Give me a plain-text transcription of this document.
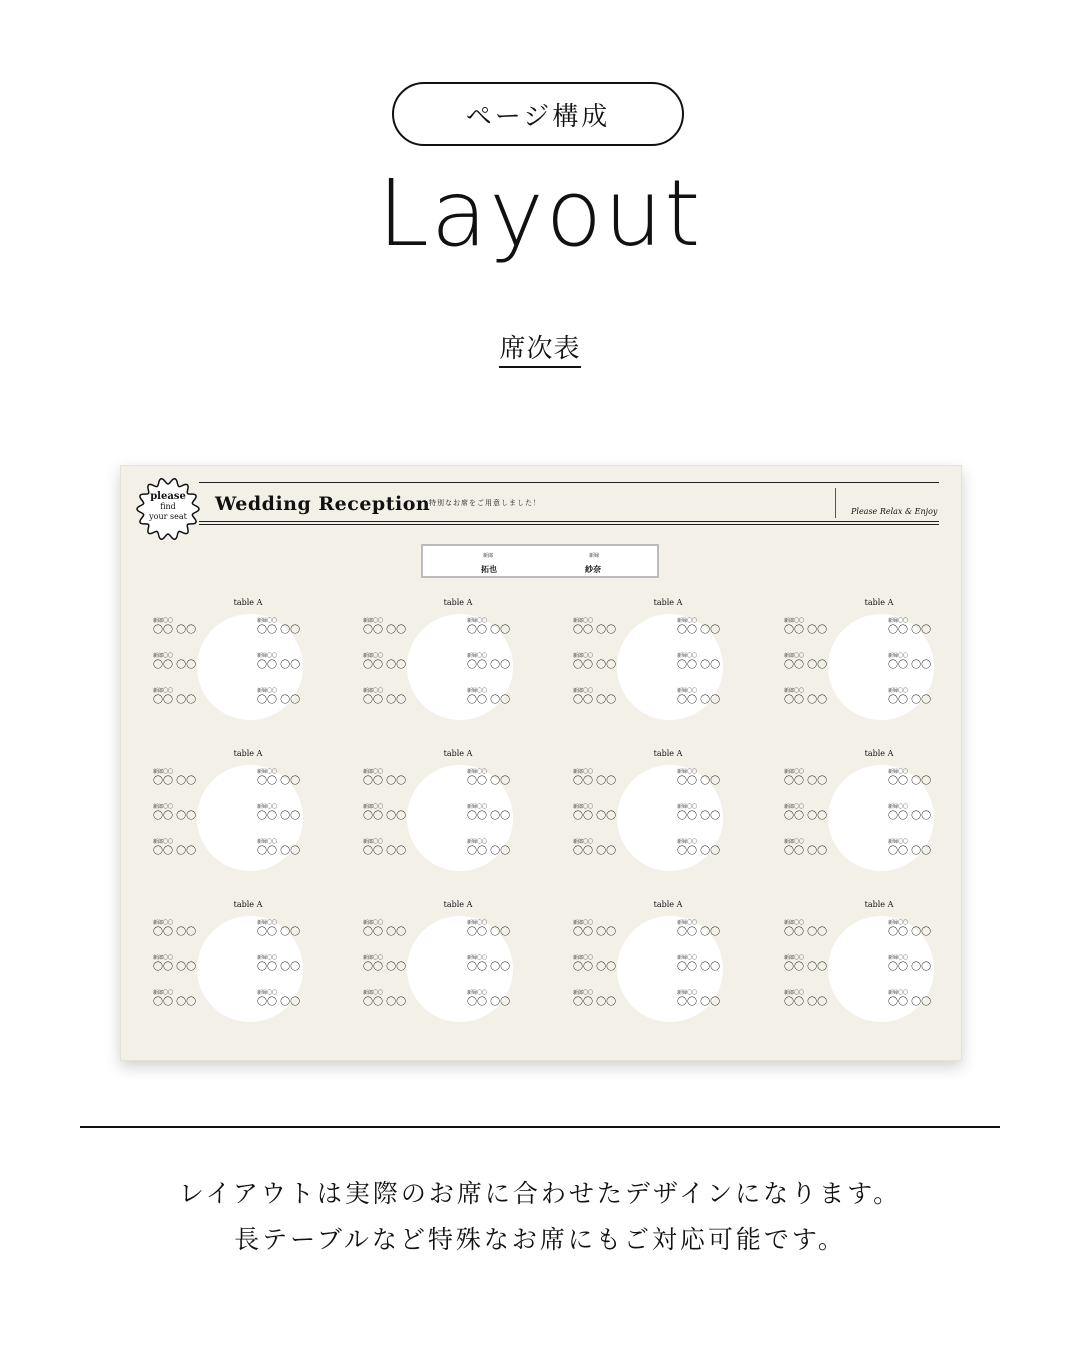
ページ構成
Layout
席次表
please
find
your seat
Wedding Reception
特別なお席をご用意しました！
Please Relax & Enjoy
新郎
拓也
新婦
紗奈
table A
新郎〇〇
〇〇 〇〇
新婦〇〇
〇〇 〇〇
新郎〇〇
〇〇 〇〇
新婦〇〇
〇〇 〇〇
新郎〇〇
〇〇 〇〇
新婦〇〇
〇〇 〇〇
table A
新郎〇〇
〇〇 〇〇
新婦〇〇
〇〇 〇〇
新郎〇〇
〇〇 〇〇
新婦〇〇
〇〇 〇〇
新郎〇〇
〇〇 〇〇
新婦〇〇
〇〇 〇〇
table A
新郎〇〇
〇〇 〇〇
新婦〇〇
〇〇 〇〇
新郎〇〇
〇〇 〇〇
新婦〇〇
〇〇 〇〇
新郎〇〇
〇〇 〇〇
新婦〇〇
〇〇 〇〇
table A
新郎〇〇
〇〇 〇〇
新婦〇〇
〇〇 〇〇
新郎〇〇
〇〇 〇〇
新婦〇〇
〇〇 〇〇
新郎〇〇
〇〇 〇〇
新婦〇〇
〇〇 〇〇
table A
新郎〇〇
〇〇 〇〇
新婦〇〇
〇〇 〇〇
新郎〇〇
〇〇 〇〇
新婦〇〇
〇〇 〇〇
新郎〇〇
〇〇 〇〇
新婦〇〇
〇〇 〇〇
table A
新郎〇〇
〇〇 〇〇
新婦〇〇
〇〇 〇〇
新郎〇〇
〇〇 〇〇
新婦〇〇
〇〇 〇〇
新郎〇〇
〇〇 〇〇
新婦〇〇
〇〇 〇〇
table A
新郎〇〇
〇〇 〇〇
新婦〇〇
〇〇 〇〇
新郎〇〇
〇〇 〇〇
新婦〇〇
〇〇 〇〇
新郎〇〇
〇〇 〇〇
新婦〇〇
〇〇 〇〇
table A
新郎〇〇
〇〇 〇〇
新婦〇〇
〇〇 〇〇
新郎〇〇
〇〇 〇〇
新婦〇〇
〇〇 〇〇
新郎〇〇
〇〇 〇〇
新婦〇〇
〇〇 〇〇
table A
新郎〇〇
〇〇 〇〇
新婦〇〇
〇〇 〇〇
新郎〇〇
〇〇 〇〇
新婦〇〇
〇〇 〇〇
新郎〇〇
〇〇 〇〇
新婦〇〇
〇〇 〇〇
table A
新郎〇〇
〇〇 〇〇
新婦〇〇
〇〇 〇〇
新郎〇〇
〇〇 〇〇
新婦〇〇
〇〇 〇〇
新郎〇〇
〇〇 〇〇
新婦〇〇
〇〇 〇〇
table A
新郎〇〇
〇〇 〇〇
新婦〇〇
〇〇 〇〇
新郎〇〇
〇〇 〇〇
新婦〇〇
〇〇 〇〇
新郎〇〇
〇〇 〇〇
新婦〇〇
〇〇 〇〇
table A
新郎〇〇
〇〇 〇〇
新婦〇〇
〇〇 〇〇
新郎〇〇
〇〇 〇〇
新婦〇〇
〇〇 〇〇
新郎〇〇
〇〇 〇〇
新婦〇〇
〇〇 〇〇
レイアウトは実際のお席に合わせたデザインになります。
長テーブルなど特殊なお席にもご対応可能です。
